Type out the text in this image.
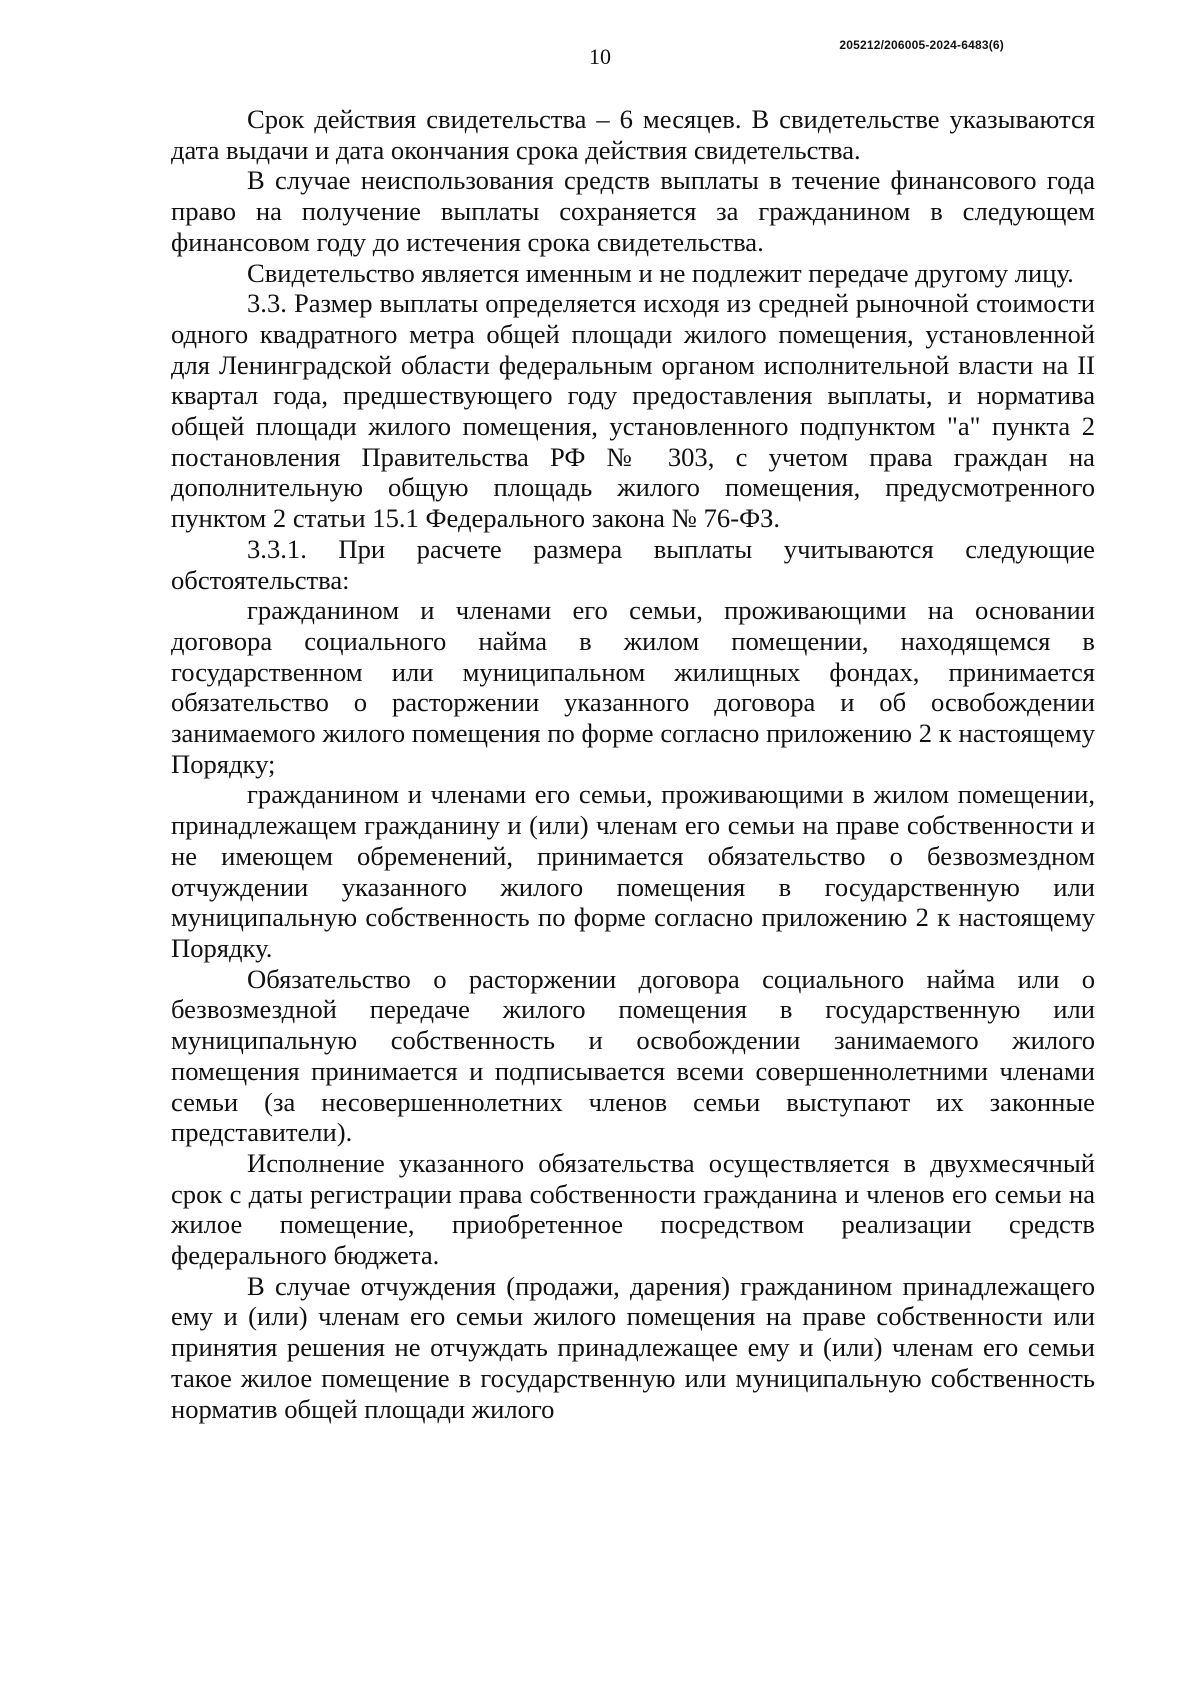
10	205212/206005-2024-6483(6)

Срок действия свидетельства – 6 месяцев. В свидетельстве указываются дата выдачи и дата окончания срока действия свидетельства.

В случае неиспользования средств выплаты в течение финансового года право на получение выплаты сохраняется за гражданином в следующем финансовом году до истечения срока свидетельства.

Свидетельство является именным и не подлежит передаче другому лицу.

3.3. Размер выплаты определяется исходя из средней рыночной стоимости одного квадратного метра общей площади жилого помещения, установленной для Ленинградской области федеральным органом исполнительной власти на II квартал года, предшествующего году предоставления выплаты, и норматива общей площади жилого помещения, установленного подпунктом "а" пункта 2 постановления Правительства РФ № 303, с учетом права граждан на дополнительную общую площадь жилого помещения, предусмотренного пунктом 2 статьи 15.1 Федерального закона № 76-ФЗ.

3.3.1. При расчете размера выплаты учитываются следующие обстоятельства:

гражданином и членами его семьи, проживающими на основании договора социального найма в жилом помещении, находящемся в государственном или муниципальном жилищных фондах, принимается обязательство о расторжении указанного договора и об освобождении занимаемого жилого помещения по форме согласно приложению 2 к настоящему Порядку;

гражданином и членами его семьи, проживающими в жилом помещении, принадлежащем гражданину и (или) членам его семьи на праве собственности и не имеющем обременений, принимается обязательство о безвозмездном отчуждении указанного жилого помещения в государственную или муниципальную собственность по форме согласно приложению 2 к настоящему Порядку.

Обязательство о расторжении договора социального найма или о безвозмездной передаче жилого помещения в государственную или муниципальную собственность и освобождении занимаемого жилого помещения принимается и подписывается всеми совершеннолетними членами семьи (за несовершеннолетних членов семьи выступают их законные представители).

Исполнение указанного обязательства осуществляется в двухмесячный срок с даты регистрации права собственности гражданина и членов его семьи на жилое помещение, приобретенное посредством реализации средств федерального бюджета.

В случае отчуждения (продажи, дарения) гражданином принадлежащего ему и (или) членам его семьи жилого помещения на праве собственности или принятия решения не отчуждать принадлежащее ему и (или) членам его семьи такое жилое помещение в государственную или муниципальную собственность норматив общей площади жилого
